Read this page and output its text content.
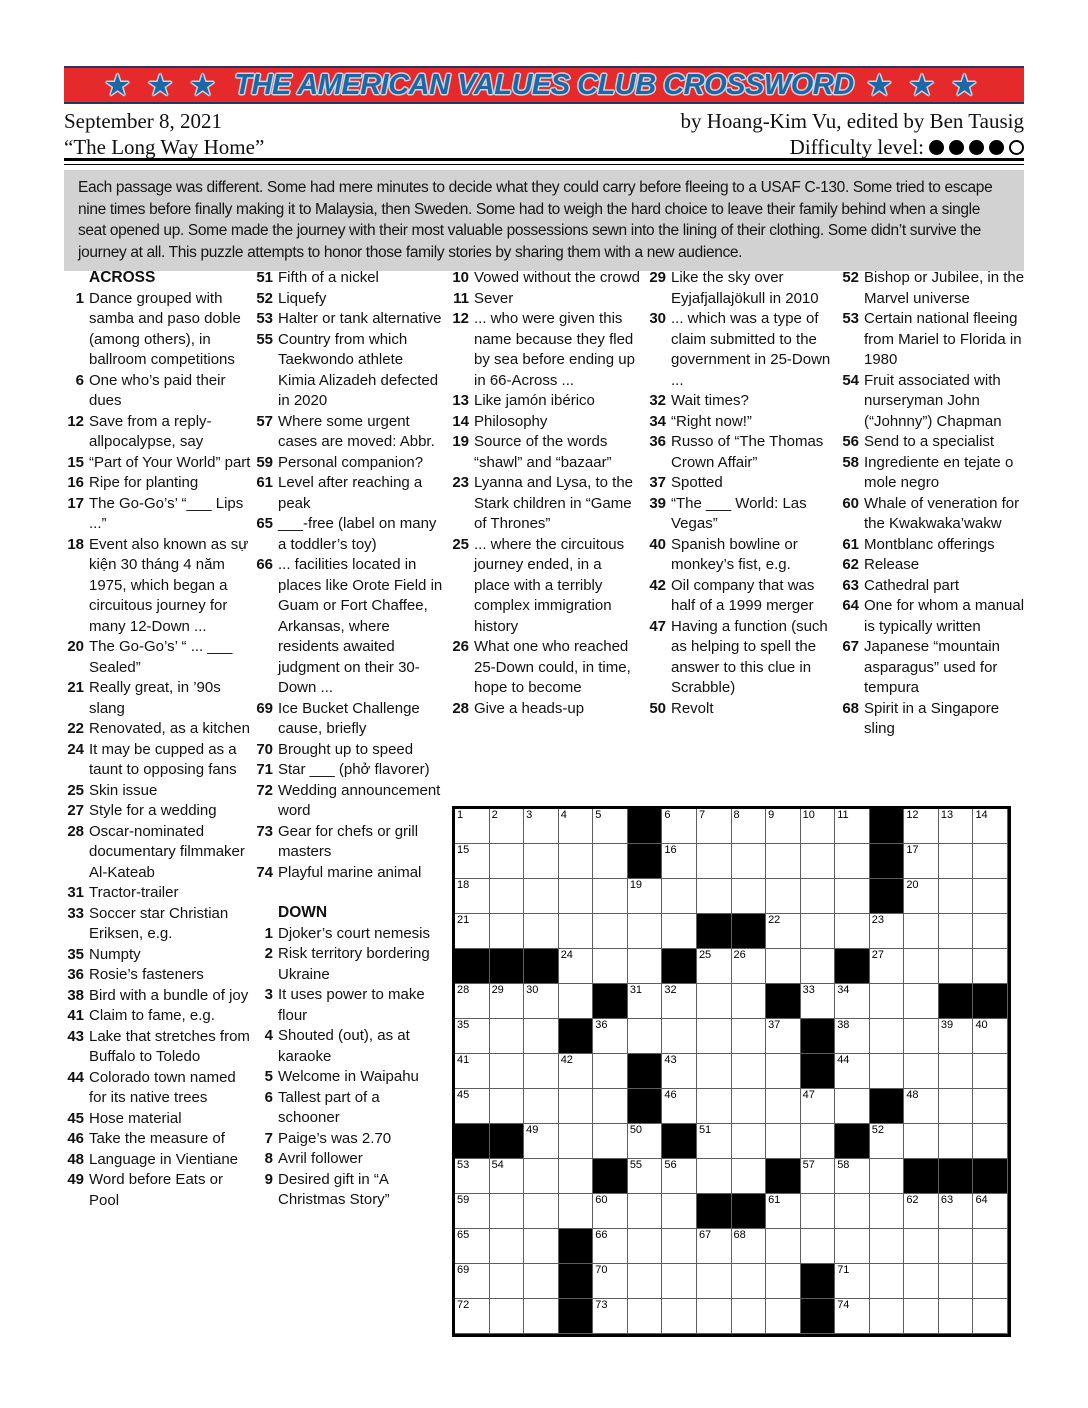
★ ★ ★ THE AMERICAN VALUES CLUB CROSSWORD ★ ★ ★
September 8, 2021
“The Long Way Home”
by Hoang-Kim Vu, edited by Ben Tausig
Difficulty level:
Each passage was different. Some had mere minutes to decide what they could carry before fleeing to a USAF C-130. Some tried to escape nine times before finally making it to Malaysia, then Sweden. Some had to weigh the hard choice to leave their family behind when a single seat opened up. Some made the journey with their most valuable possessions sewn into the lining of their clothing. Some didn’t survive the journey at all. This puzzle attempts to honor those family stories by sharing them with a new audience.
ACROSS
1 Dance grouped with samba and paso doble (among others), in ballroom competitions
6 One who’s paid their dues
12 Save from a reply-allpocalypse, say
15 “Part of Your World” part
16 Ripe for planting
17 The Go-Go’s’ “___ Lips ...”
18 Event also known as sự kiện 30 tháng 4 năm 1975, which began a circuitous journey for many 12-Down ...
20 The Go-Go’s’ “ ... ___ Sealed”
21 Really great, in ’90s slang
22 Renovated, as a kitchen
24 It may be cupped as a taunt to opposing fans
25 Skin issue
27 Style for a wedding
28 Oscar-nominated documentary filmmaker Al-Kateab
31 Tractor-trailer
33 Soccer star Christian Eriksen, e.g.
35 Numpty
36 Rosie’s fasteners
38 Bird with a bundle of joy
41 Claim to fame, e.g.
43 Lake that stretches from Buffalo to Toledo
44 Colorado town named for its native trees
45 Hose material
46 Take the measure of
48 Language in Vientiane
49 Word before Eats or Pool
51 Fifth of a nickel
52 Liquefy
53 Halter or tank alternative
55 Country from which Taekwondo athlete Kimia Alizadeh defected in 2020
57 Where some urgent cases are moved: Abbr.
59 Personal companion?
61 Level after reaching a peak
65 ___-free (label on many a toddler’s toy)
66 ... facilities located in places like Orote Field in Guam or Fort Chaffee, Arkansas, where residents awaited judgment on their 30-Down ...
69 Ice Bucket Challenge cause, briefly
70 Brought up to speed
71 Star ___ (phở flavorer)
72 Wedding announcement word
73 Gear for chefs or grill masters
74 Playful marine animal
DOWN
1 Djoker’s court nemesis
2 Risk territory bordering Ukraine
3 It uses power to make flour
4 Shouted (out), as at karaoke
5 Welcome in Waipahu
6 Tallest part of a schooner
7 Paige’s was 2.70
8 Avril follower
9 Desired gift in “A Christmas Story”
10 Vowed without the crowd
11 Sever
12 ... who were given this name because they fled by sea before ending up in 66-Across ...
13 Like jamón ibérico
14 Philosophy
19 Source of the words “shawl” and “bazaar”
23 Lyanna and Lysa, to the Stark children in “Game of Thrones”
25 ... where the circuitous journey ended, in a place with a terribly complex immigration history
26 What one who reached 25-Down could, in time, hope to become
28 Give a heads-up
29 Like the sky over Eyjafjallajökull in 2010
30 ... which was a type of claim submitted to the government in 25-Down ...
32 Wait times?
34 “Right now!”
36 Russo of “The Thomas Crown Affair”
37 Spotted
39 “The ___ World: Las Vegas”
40 Spanish bowline or monkey’s fist, e.g.
42 Oil company that was half of a 1999 merger
47 Having a function (such as helping to spell the answer to this clue in Scrabble)
50 Revolt
52 Bishop or Jubilee, in the Marvel universe
53 Certain national fleeing from Mariel to Florida in 1980
54 Fruit associated with nurseryman John (“Johnny”) Chapman
56 Send to a specialist
58 Ingrediente en tejate o mole negro
60 Whale of veneration for the Kwakwaka’wakw
61 Montblanc offerings
62 Release
63 Cathedral part
64 One for whom a manual is typically written
67 Japanese “mountain asparagus” used for tempura
68 Spirit in a Singapore sling
1	2	3	4	5	6	7	8	9	10 11	12 13 14
15	16	17
18	19	20
21	22	23
24	25 26	27
28 29 30	31 32	33 34
35	36	37	38	39 40
41	42	43	44
45	46	47	48
49	50	51	52
53 54	55 56	57 58
59	60	61	62 63 64
65	66	67 68
69	70	71
72	73	74
